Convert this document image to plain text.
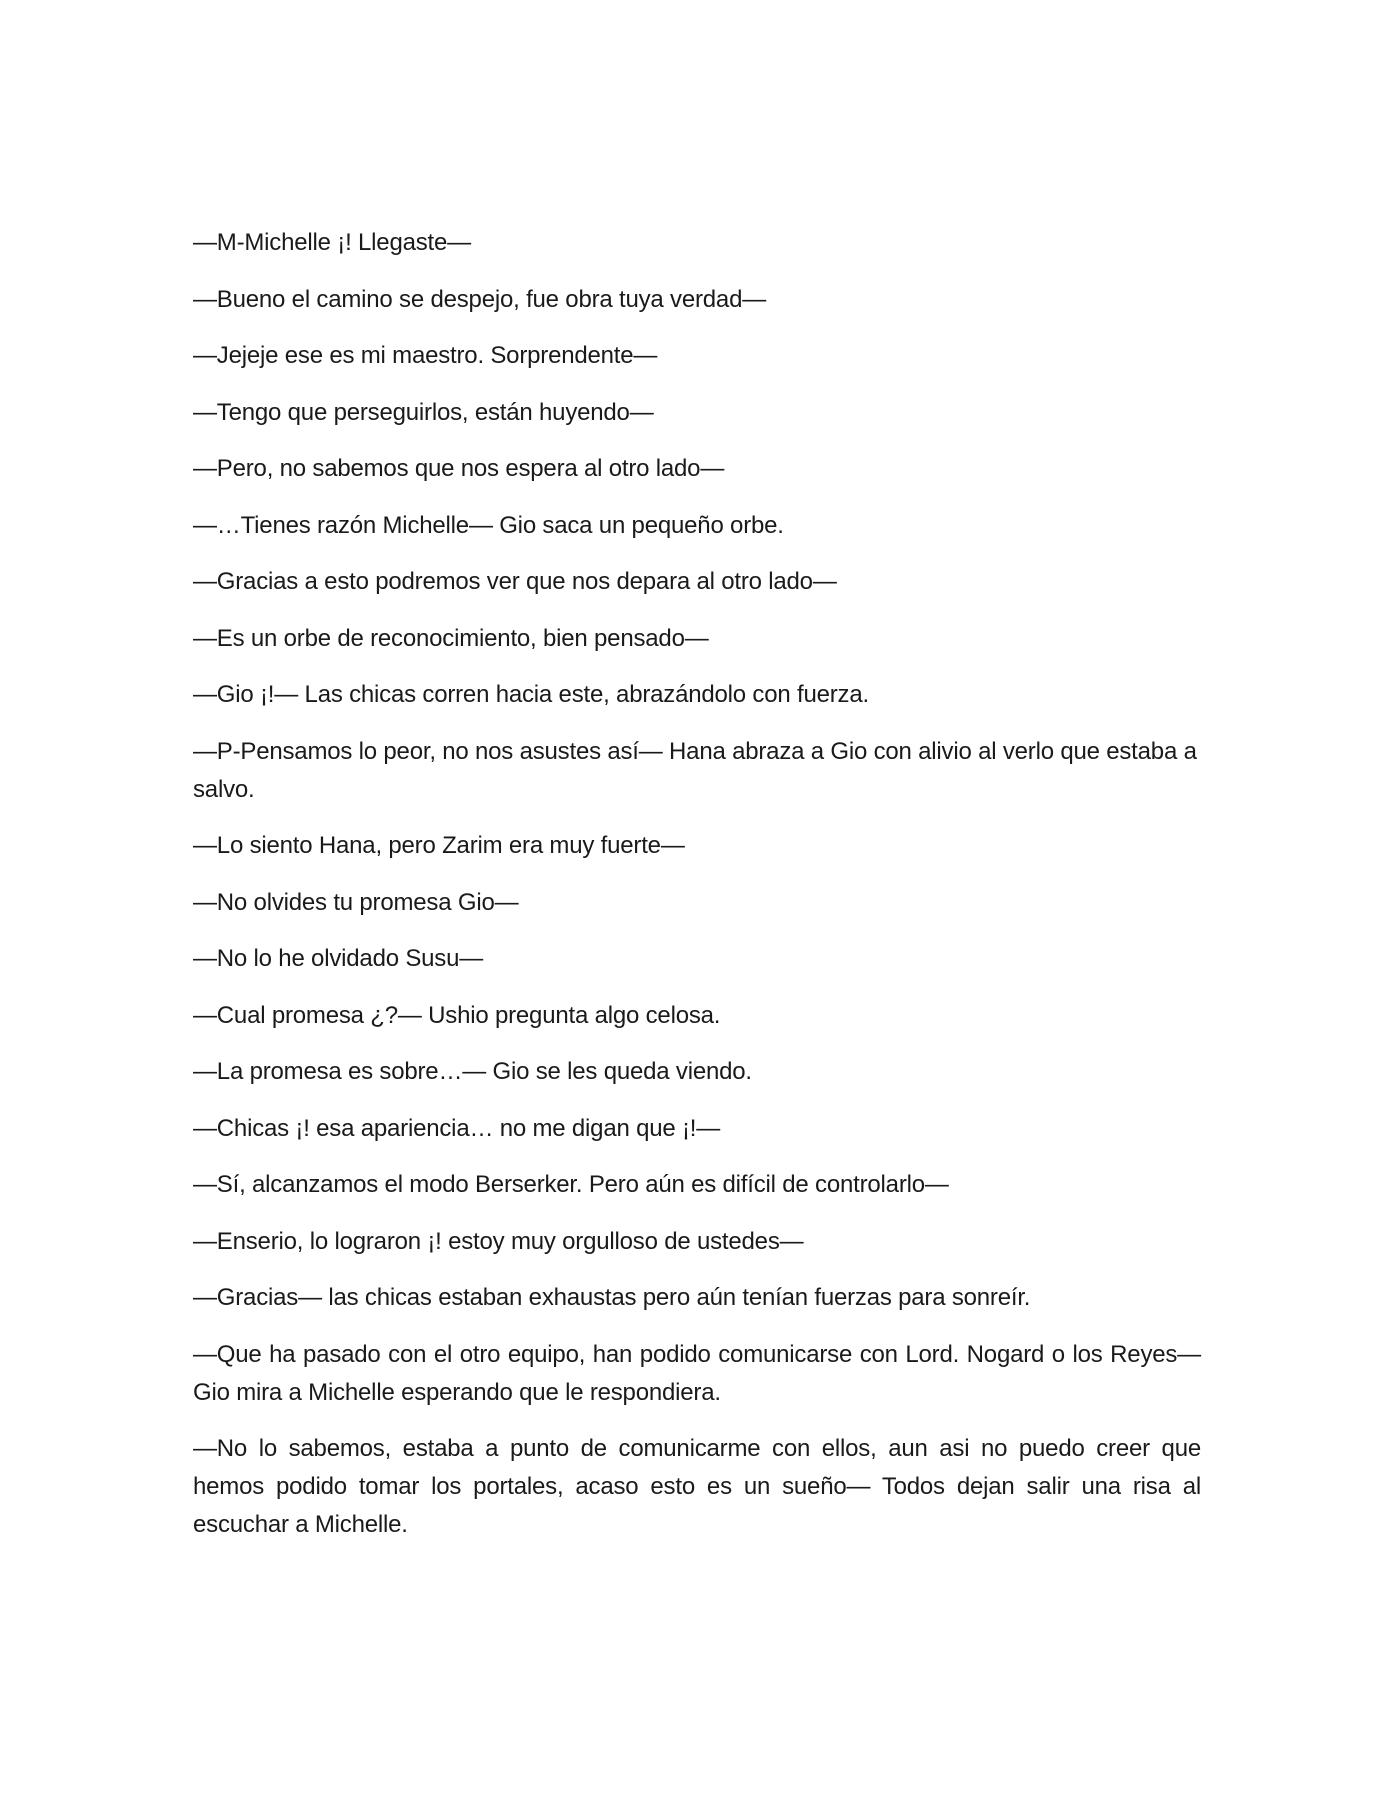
—M-Michelle ¡! Llegaste—

—Bueno el camino se despejo, fue obra tuya verdad—

—Jejeje ese es mi maestro. Sorprendente—

—Tengo que perseguirlos, están huyendo—

—Pero, no sabemos que nos espera al otro lado—

—…Tienes razón Michelle— Gio saca un pequeño orbe.

—Gracias a esto podremos ver que nos depara al otro lado—

—Es un orbe de reconocimiento, bien pensado—

—Gio ¡!— Las chicas corren hacia este, abrazándolo con fuerza.

—P-Pensamos lo peor, no nos asustes así— Hana abraza a Gio con alivio al verlo que estaba a salvo.

—Lo siento Hana, pero Zarim era muy fuerte—

—No olvides tu promesa Gio—

—No lo he olvidado Susu—

—Cual promesa ¿?— Ushio pregunta algo celosa.

—La promesa es sobre…— Gio se les queda viendo.

—Chicas ¡! esa apariencia… no me digan que ¡!—

—Sí, alcanzamos el modo Berserker. Pero aún es difícil de controlarlo—

—Enserio, lo lograron ¡! estoy muy orgulloso de ustedes—

—Gracias— las chicas estaban exhaustas pero aún tenían fuerzas para sonreír.

—Que ha pasado con el otro equipo, han podido comunicarse con Lord. Nogard o los Reyes— Gio mira a Michelle esperando que le respondiera.

—No lo sabemos, estaba a punto de comunicarme con ellos, aun asi no puedo creer que hemos podido tomar los portales, acaso esto es un sueño— Todos dejan salir una risa al escuchar a Michelle.
